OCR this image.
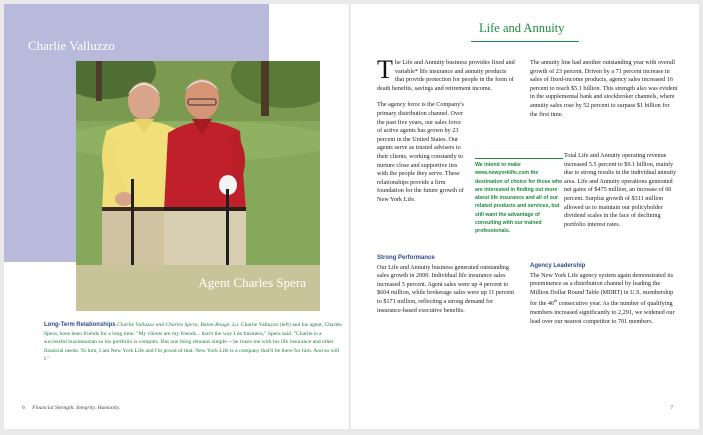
Charlie Valluzzo
Agent Charles Spera
Long-Term Relationships Charlie Valluzzo and Charles Spera, Baton Rouge, La. Charlie Valluzzo (left) and his agent, Charles Spera, have been friends for a long time. "My clients are my friends... that's the way I do business," Spera said. "Charlie is a successful businessman so his portfolio is complex. But one thing remains simple -- he trusts me with his life insurance and other financial needs. To him, I am New York Life and I'm proud of that. New York Life is a company that'll be there for him. And so will I."
6 Financial Strength. Integrity. Humanity.
Life and Annuity

The Life and Annuity business provides fixed and variable* life insurance and annuity products that provide protection for people in the form of death benefits, savings and retirement income.

The agency force is the Company's primary distribution channel. Over the past five years, our sales force of active agents has grown by 23 percent in the United States. Our agents serve as trusted advisers to their clients, working constantly to nurture close and supportive ties with the people they serve. These relationships provide a firm foundation for the future growth of New York Life.

We intend to make www.newyorklife.com the destination of choice for those who are interested in finding out more about life insurance and all of our related products and services, but still want the advantage of consulting with our trained professionals.

The annuity line had another outstanding year with overall growth of 23 percent. Driven by a 71 percent increase in sales of fixed-income products, agency sales increased 16 percent to reach $5.1 billion. This strength also was evident in the supplemental bank and stockbroker channels, where annuity sales rose by 52 percent to surpass $1 billion for the first time.

Total Life and Annuity operating revenue increased 5.5 percent to $9.1 billion, mainly due to strong results in the individual annuity area. Life and Annuity operations generated net gains of $475 million, an increase of 60 percent. Surplus growth of $311 million allowed us to maintain our policyholder dividend scales in the face of declining portfolio interest rates.
Strong Performance
Our Life and Annuity business generated outstanding sales growth in 2000. Individual life insurance sales increased 5 percent. Agent sales were up 4 percent to $604 million, while brokerage sales were up 11 percent to $171 million, reflecting a strong demand for insurance-based executive benefits.
Agency Leadership
The New York Life agency system again demonstrated its preeminence as a distribution channel by leading the Million Dollar Round Table (MDRT) in U.S. membership for the 46th consecutive year. As the number of qualifying members increased significantly to 2,291, we widened our lead over our nearest competitor to 701 members.
7
